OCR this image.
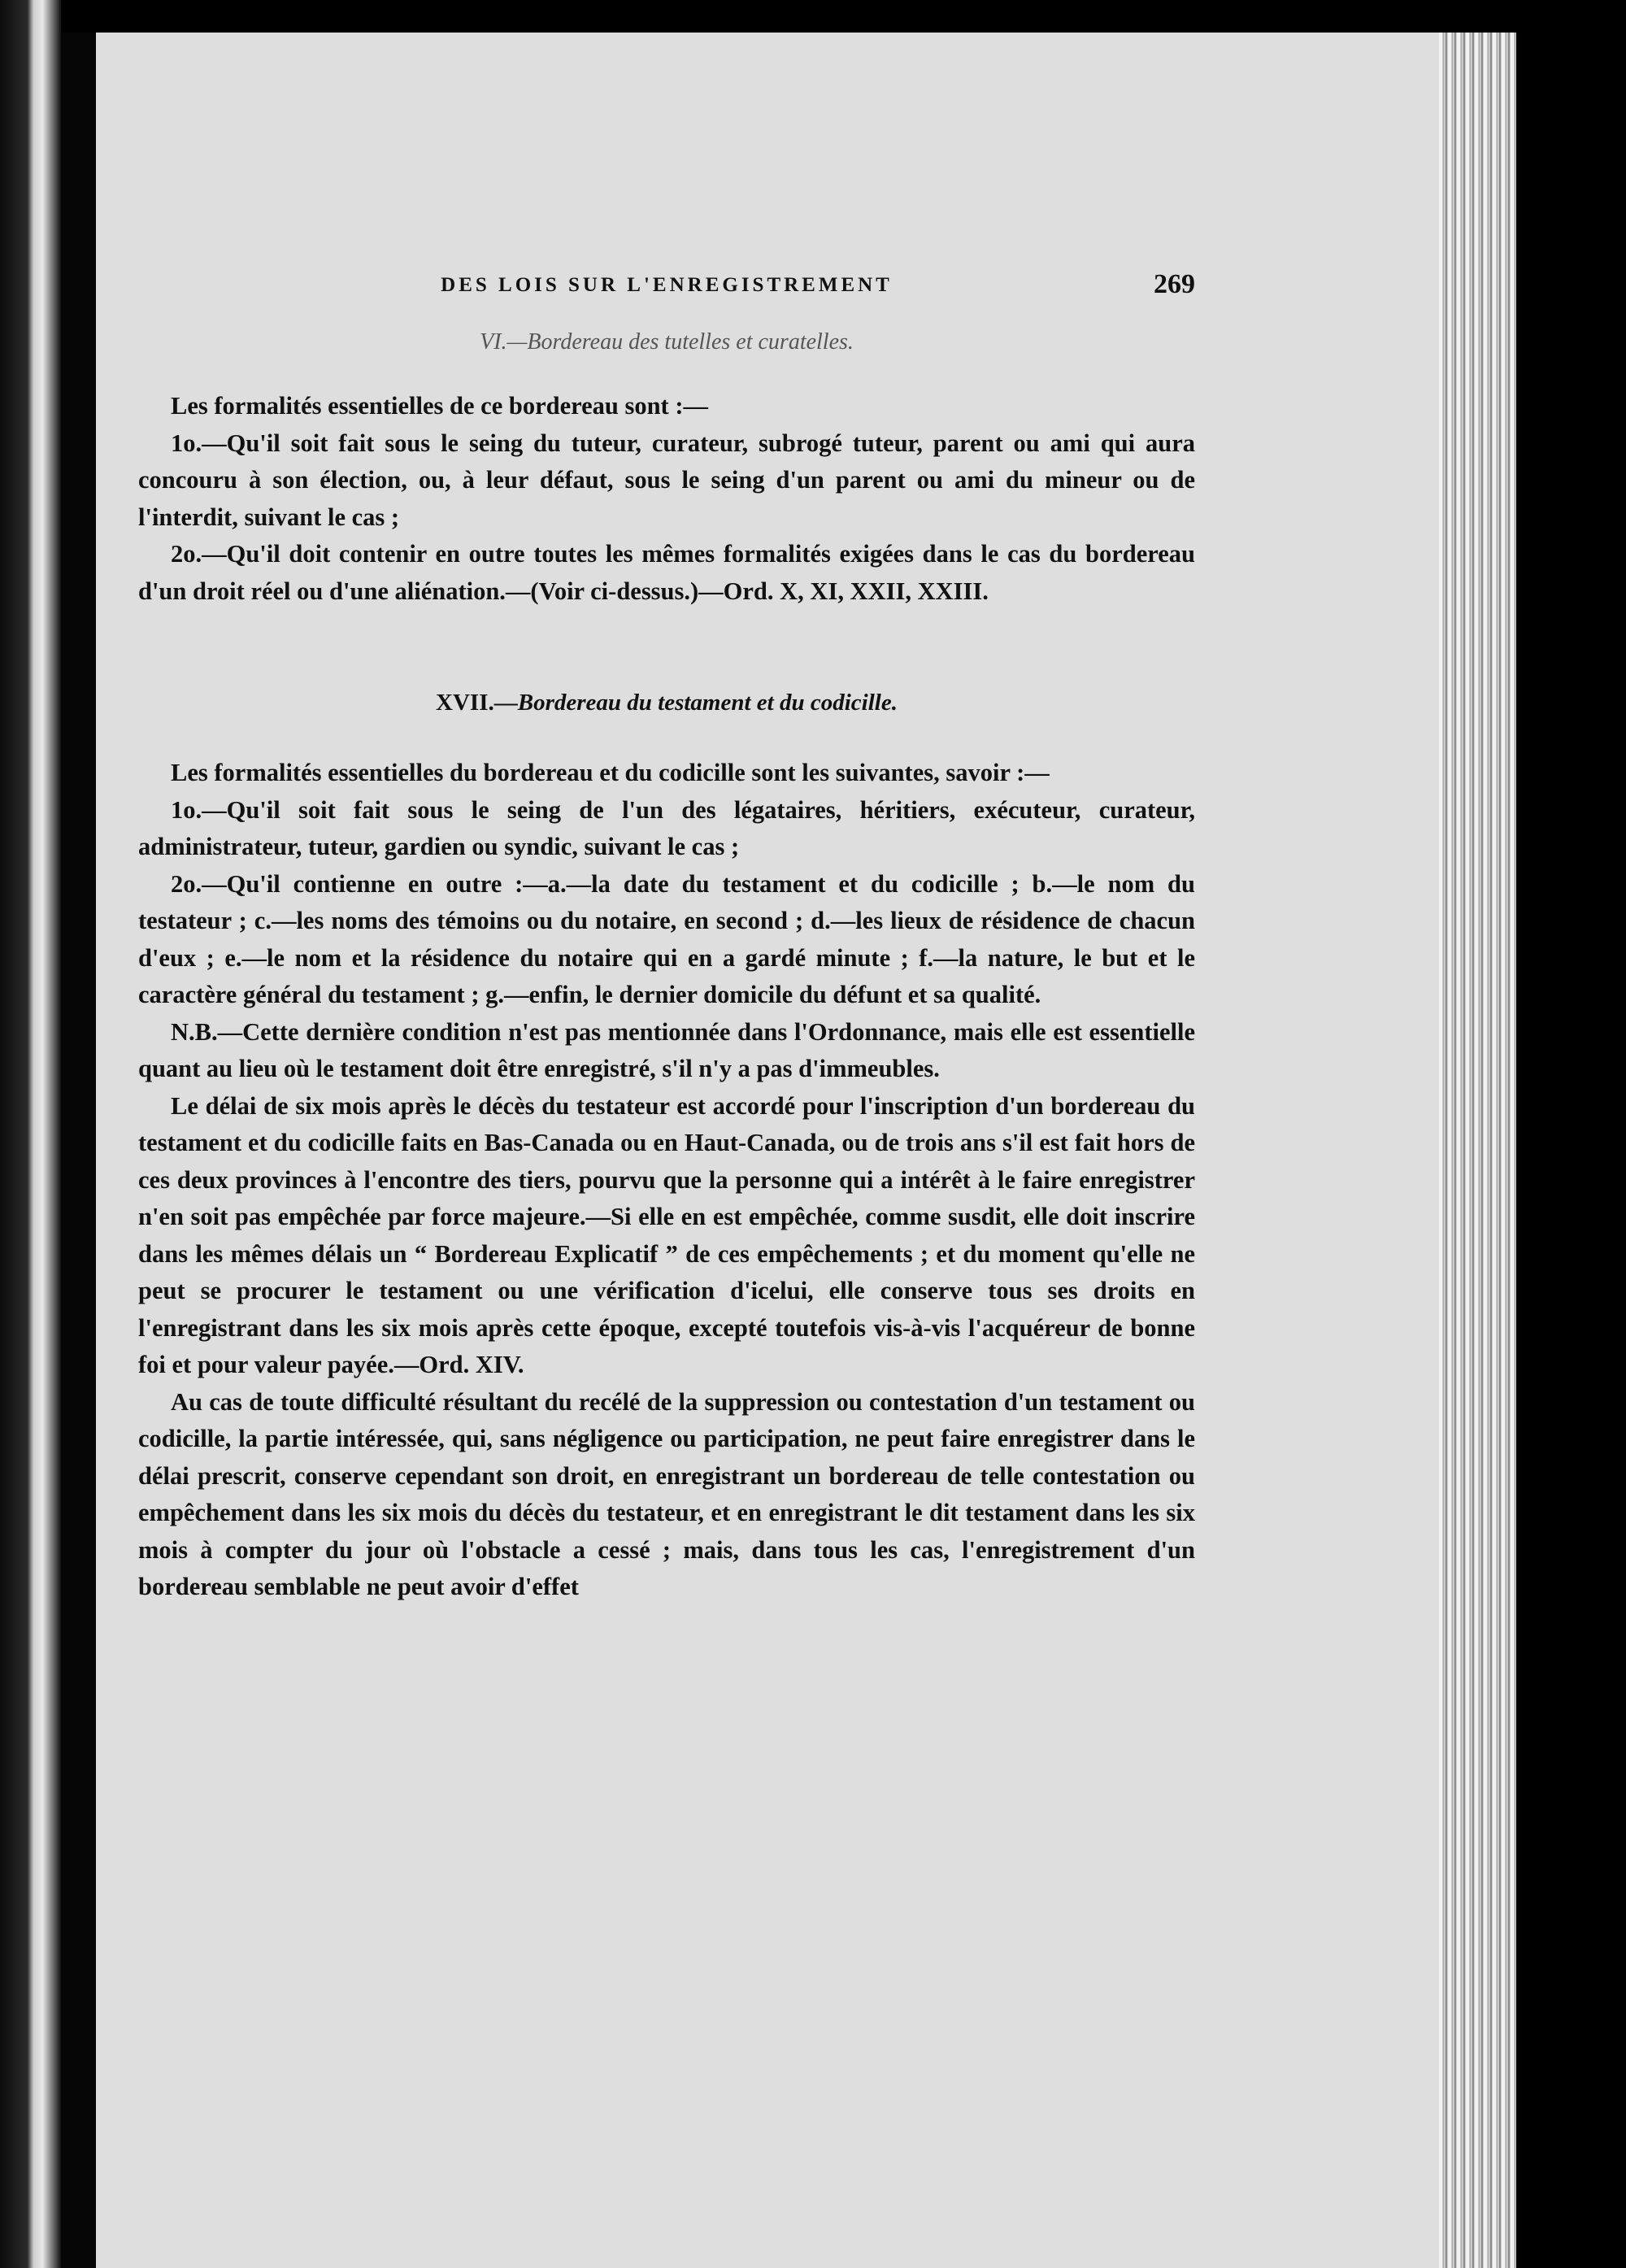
DES LOIS SUR L'ENREGISTREMENT	269
VI.—Bordereau des tutelles et curatelles.

Les formalités essentielles de ce bordereau sont :—

1o.—Qu'il soit fait sous le seing du tuteur, curateur, subrogé tuteur, parent ou ami qui aura concouru à son élection, ou, à leur défaut, sous le seing d'un parent ou ami du mineur ou de l'interdit, suivant le cas ;

2o.—Qu'il doit contenir en outre toutes les mêmes formalités exigées dans le cas du bordereau d'un droit réel ou d'une aliénation.—(Voir ci-dessus.)—Ord. X, XI, XXII, XXIII.

XVII.—Bordereau du testament et du codicille.

Les formalités essentielles du bordereau et du codicille sont les suivantes, savoir :—

1o.—Qu'il soit fait sous le seing de l'un des légataires, héritiers, exécuteur, curateur, administrateur, tuteur, gardien ou syndic, suivant le cas ;

2o.—Qu'il contienne en outre :—a.—la date du testament et du codicille ; b.—le nom du testateur ; c.—les noms des témoins ou du notaire, en second ; d.—les lieux de résidence de chacun d'eux ; e.—le nom et la résidence du notaire qui en a gardé minute ; f.—la nature, le but et le caractère général du testament ; g.—enfin, le dernier domicile du défunt et sa qualité.

N.B.—Cette dernière condition n'est pas mentionnée dans l'Ordonnance, mais elle est essentielle quant au lieu où le testament doit être enregistré, s'il n'y a pas d'immeubles.

Le délai de six mois après le décès du testateur est accordé pour l'inscription d'un bordereau du testament et du codicille faits en Bas-Canada ou en Haut-Canada, ou de trois ans s'il est fait hors de ces deux provinces à l'encontre des tiers, pourvu que la personne qui a intérêt à le faire enregistrer n'en soit pas empêchée par force majeure.—Si elle en est empêchée, comme susdit, elle doit inscrire dans les mêmes délais un “ Bordereau Explicatif ” de ces empêchements ; et du moment qu'elle ne peut se procurer le testament ou une vérification d'icelui, elle conserve tous ses droits en l'enregistrant dans les six mois après cette époque, excepté toutefois vis-à-vis l'acquéreur de bonne foi et pour valeur payée.—Ord. XIV.

Au cas de toute difficulté résultant du recélé de la suppression ou contestation d'un testament ou codicille, la partie intéressée, qui, sans négligence ou participation, ne peut faire enregistrer dans le délai prescrit, conserve cependant son droit, en enregistrant un bordereau de telle contestation ou empêchement dans les six mois du décès du testateur, et en enregistrant le dit testament dans les six mois à compter du jour où l'obstacle a cessé ; mais, dans tous les cas, l'enregistrement d'un bordereau semblable ne peut avoir d'effet
